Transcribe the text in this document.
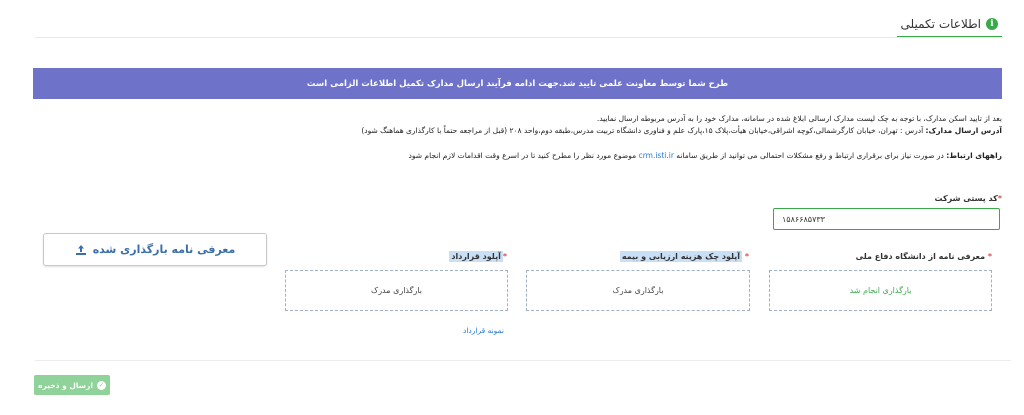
i
اطلاعات تکمیلی
طرح شما توسط معاونت علمی تایید شد.جهت ادامه فرآیند ارسال مدارک تکمیل اطلاعات الزامی است
بعد از تایید اسکن مدارک، با توجه به چک لیست مدارک ارسالی ابلاغ شده در سامانه، مدارک خود را به آدرس مربوطه ارسال نمایید.
آدرس ارسال مدارک: آدرس : تهران، خیابان کارگرشمالی،کوچه اشراقی،خیابان هیأت،پلاک ۱۵،پارک علم و فناوری دانشگاه تربیت مدرس،طبقه دوم،واحد ۲۰۸ (قبل از مراجعه حتماً با کارگذاری هماهنگ شود)
راههای ارتباط: در صورت نیاز برای برقراری ارتباط و رفع مشکلات احتمالی می توانید از طریق سامانه crm.isti.ir موضوع مورد نظر را مطرح کنید تا در اسرع وقت اقدامات لازم انجام شود
*کد پستی شرکت
۱۵۸۶۶۸۵۷۳۳
معرفی نامه بارگذاری شده
* معرفی نامه از دانشگاه دفاع ملی
* آپلود چک هزینه ارزیابی و بیمه
*آپلود قرارداد
بارگذاری انجام شد
بارگذاری مدرک
بارگذاری مدرک
نمونه قرارداد
✓
ارسال و ذخیره
